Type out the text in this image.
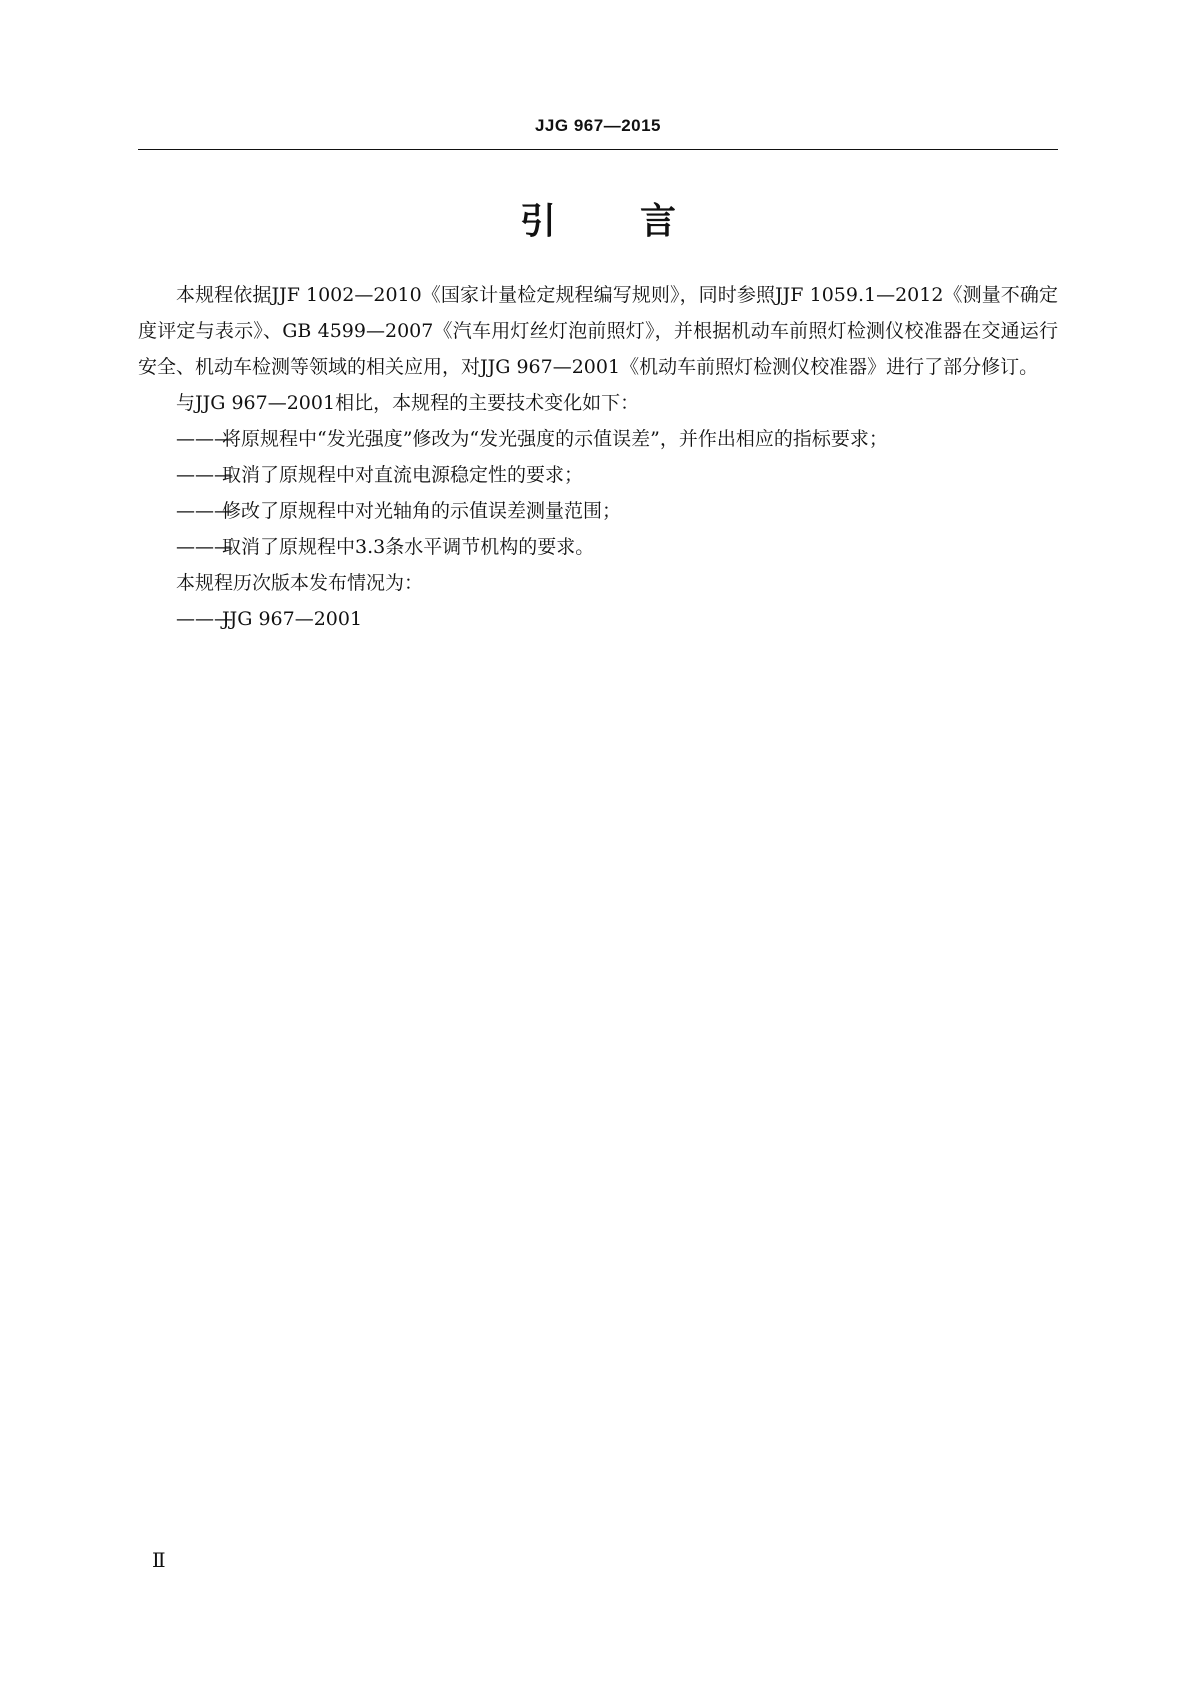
JJG 967—2015
引 言

本规程依据JJF 1002—2010《国家计量检定规程编写规则》，同时参照JJF 1059.1—2012《测量不确定度评定与表示》、GB 4599—2007《汽车用灯丝灯泡前照灯》，并根据机动车前照灯检测仪校准器在交通运行安全、机动车检测等领域的相关应用，对JJG 967—2001《机动车前照灯检测仪校准器》进行了部分修订。

与JJG 967—2001相比，本规程的主要技术变化如下：

———将原规程中“发光强度”修改为“发光强度的示值误差”，并作出相应的指标要求；

———取消了原规程中对直流电源稳定性的要求；

———修改了原规程中对光轴角的示值误差测量范围；

———取消了原规程中3.3条水平调节机构的要求。

本规程历次版本发布情况为：

———JJG 967—2001

Ⅱ
